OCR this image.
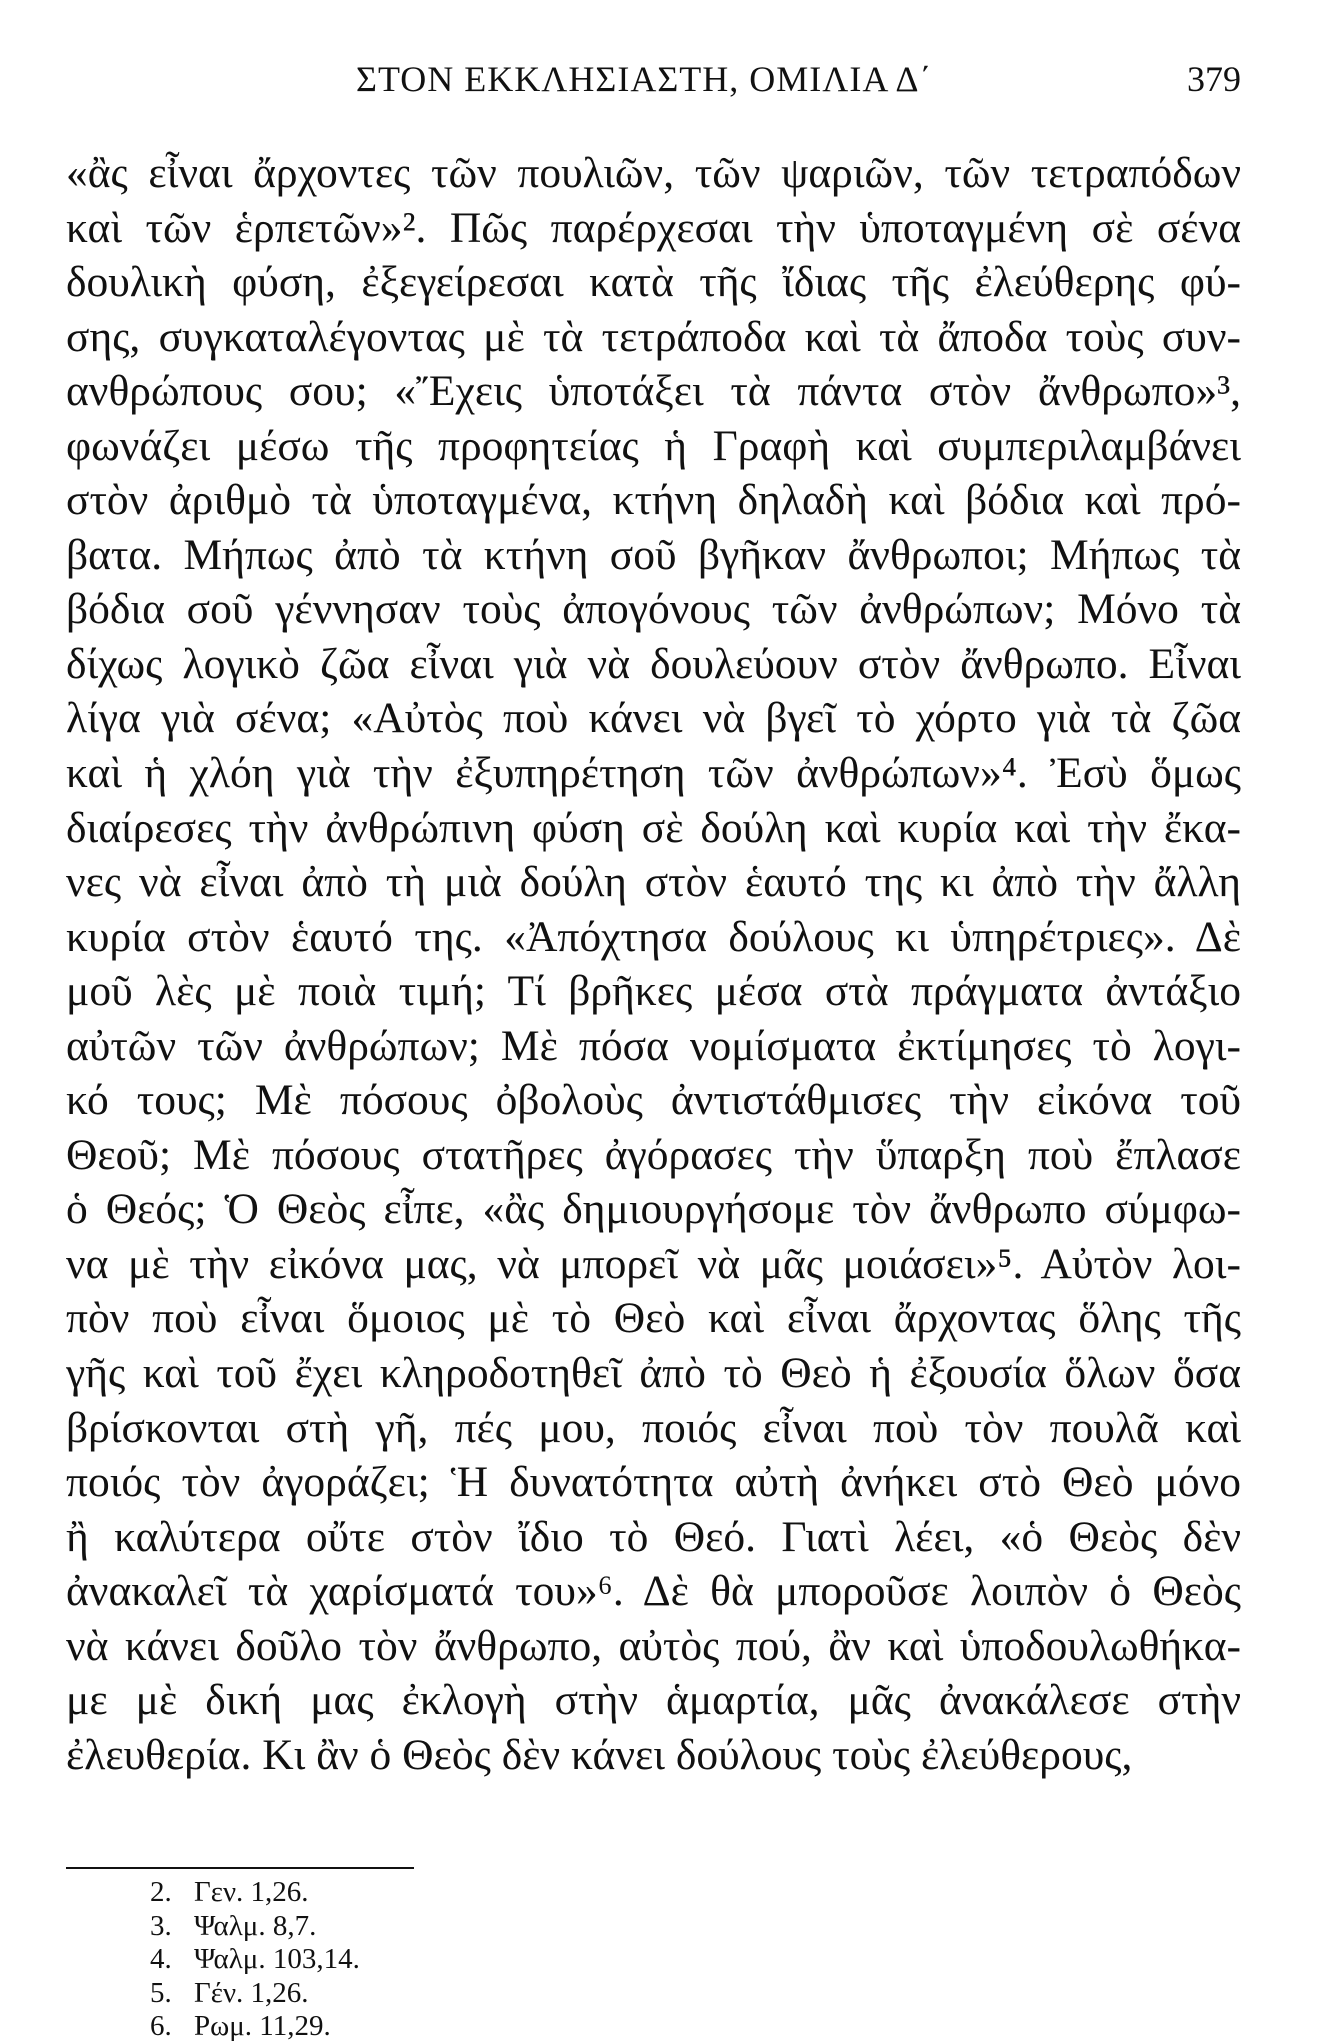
ΣΤΟΝ ΕΚΚΛΗΣΙΑΣΤΗ, ΟΜΙΛΙΑ Δ΄	379
«ἂς εἶναι ἄρχοντες τῶν πουλιῶν, τῶν ψαριῶν, τῶν τετραπόδων
καὶ τῶν ἑρπετῶν»². Πῶς παρέρχεσαι τὴν ὑποταγμένη σὲ σένα
δουλικὴ φύση, ἐξεγείρεσαι κατὰ τῆς ἴδιας τῆς ἐλεύθερης φύ-
σης, συγκαταλέγοντας μὲ τὰ τετράποδα καὶ τὰ ἄποδα τοὺς συν-
ανθρώπους σου; «Ἔχεις ὑποτάξει τὰ πάντα στὸν ἄνθρωπο»³,
φωνάζει μέσω τῆς προφητείας ἡ Γραφὴ καὶ συμπεριλαμβάνει
στὸν ἀριθμὸ τὰ ὑποταγμένα, κτήνη δηλαδὴ καὶ βόδια καὶ πρό-
βατα. Μήπως ἀπὸ τὰ κτήνη σοῦ βγῆκαν ἄνθρωποι; Μήπως τὰ
βόδια σοῦ γέννησαν τοὺς ἀπογόνους τῶν ἀνθρώπων; Μόνο τὰ
δίχως λογικὸ ζῶα εἶναι γιὰ νὰ δουλεύουν στὸν ἄνθρωπο. Εἶναι
λίγα γιὰ σένα; «Αὐτὸς ποὺ κάνει νὰ βγεῖ τὸ χόρτο γιὰ τὰ ζῶα
καὶ ἡ χλόη γιὰ τὴν ἐξυπηρέτηση τῶν ἀνθρώπων»⁴. Ἐσὺ ὅμως
διαίρεσες τὴν ἀνθρώπινη φύση σὲ δούλη καὶ κυρία καὶ τὴν ἔκα-
νες νὰ εἶναι ἀπὸ τὴ μιὰ δούλη στὸν ἑαυτό της κι ἀπὸ τὴν ἄλλη
κυρία στὸν ἑαυτό της. «Ἀπόχτησα δούλους κι ὑπηρέτριες». Δὲ
μοῦ λὲς μὲ ποιὰ τιμή; Τί βρῆκες μέσα στὰ πράγματα ἀντάξιο
αὐτῶν τῶν ἀνθρώπων; Μὲ πόσα νομίσματα ἐκτίμησες τὸ λογι-
κό τους; Μὲ πόσους ὀβολοὺς ἀντιστάθμισες τὴν εἰκόνα τοῦ
Θεοῦ; Μὲ πόσους στατῆρες ἀγόρασες τὴν ὕπαρξη ποὺ ἔπλασε
ὁ Θεός; Ὁ Θεὸς εἶπε, «ἂς δημιουργήσομε τὸν ἄνθρωπο σύμφω-
να μὲ τὴν εἰκόνα μας, νὰ μπορεῖ νὰ μᾶς μοιάσει»⁵. Αὐτὸν λοι-
πὸν ποὺ εἶναι ὅμοιος μὲ τὸ Θεὸ καὶ εἶναι ἄρχοντας ὅλης τῆς
γῆς καὶ τοῦ ἔχει κληροδοτηθεῖ ἀπὸ τὸ Θεὸ ἡ ἐξουσία ὅλων ὅσα
βρίσκονται στὴ γῆ, πές μου, ποιός εἶναι ποὺ τὸν πουλᾶ καὶ
ποιός τὸν ἀγοράζει; Ἡ δυνατότητα αὐτὴ ἀνήκει στὸ Θεὸ μόνο
ἢ καλύτερα οὔτε στὸν ἴδιο τὸ Θεό. Γιατὶ λέει, «ὁ Θεὸς δὲν
ἀνακαλεῖ τὰ χαρίσματά του»⁶. Δὲ θὰ μποροῦσε λοιπὸν ὁ Θεὸς
νὰ κάνει δοῦλο τὸν ἄνθρωπο, αὐτὸς πού, ἂν καὶ ὑποδουλωθήκα-
με μὲ δική μας ἐκλογὴ στὴν ἁμαρτία, μᾶς ἀνακάλεσε στὴν
ἐλευθερία. Κι ἂν ὁ Θεὸς δὲν κάνει δούλους τοὺς ἐλεύθερους,
2. Γεν. 1,26.
3. Ψαλμ. 8,7.
4. Ψαλμ. 103,14.
5. Γέν. 1,26.
6. Ρωμ. 11,29.
